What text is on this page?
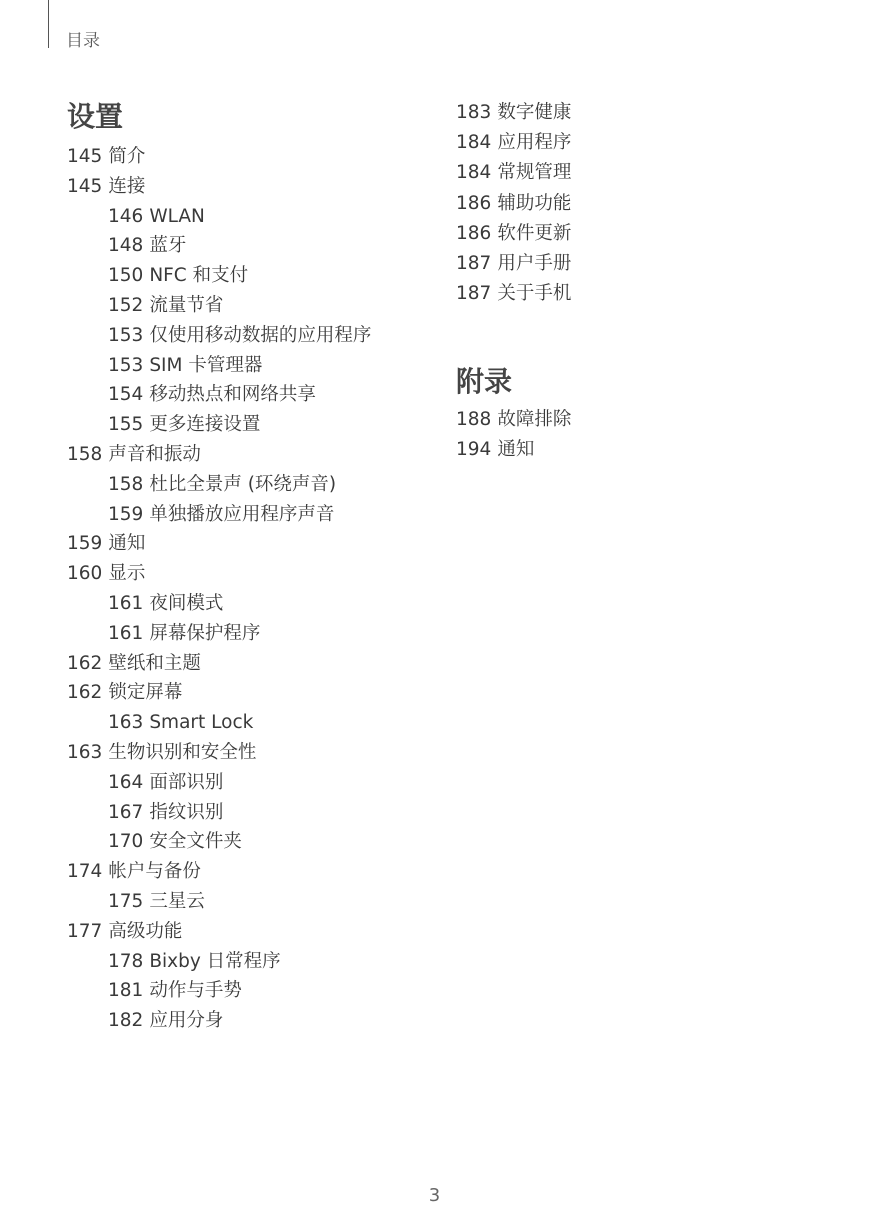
目录
设置
145 简介
145 连接
146 WLAN
148 蓝牙
150 NFC 和支付
152 流量节省
153 仅使用移动数据的应用程序
153 SIM 卡管理器
154 移动热点和网络共享
155 更多连接设置
158 声音和振动
158 杜比全景声 (环绕声音)
159 单独播放应用程序声音
159 通知
160 显示
161 夜间模式
161 屏幕保护程序
162 壁纸和主题
162 锁定屏幕
163 Smart Lock
163 生物识别和安全性
164 面部识别
167 指纹识别
170 安全文件夹
174 帐户与备份
175 三星云
177 高级功能
178 Bixby 日常程序
181 动作与手势
182 应用分身
183 数字健康
184 应用程序
184 常规管理
186 辅助功能
186 软件更新
187 用户手册
187 关于手机
附录
188 故障排除
194 通知
3
